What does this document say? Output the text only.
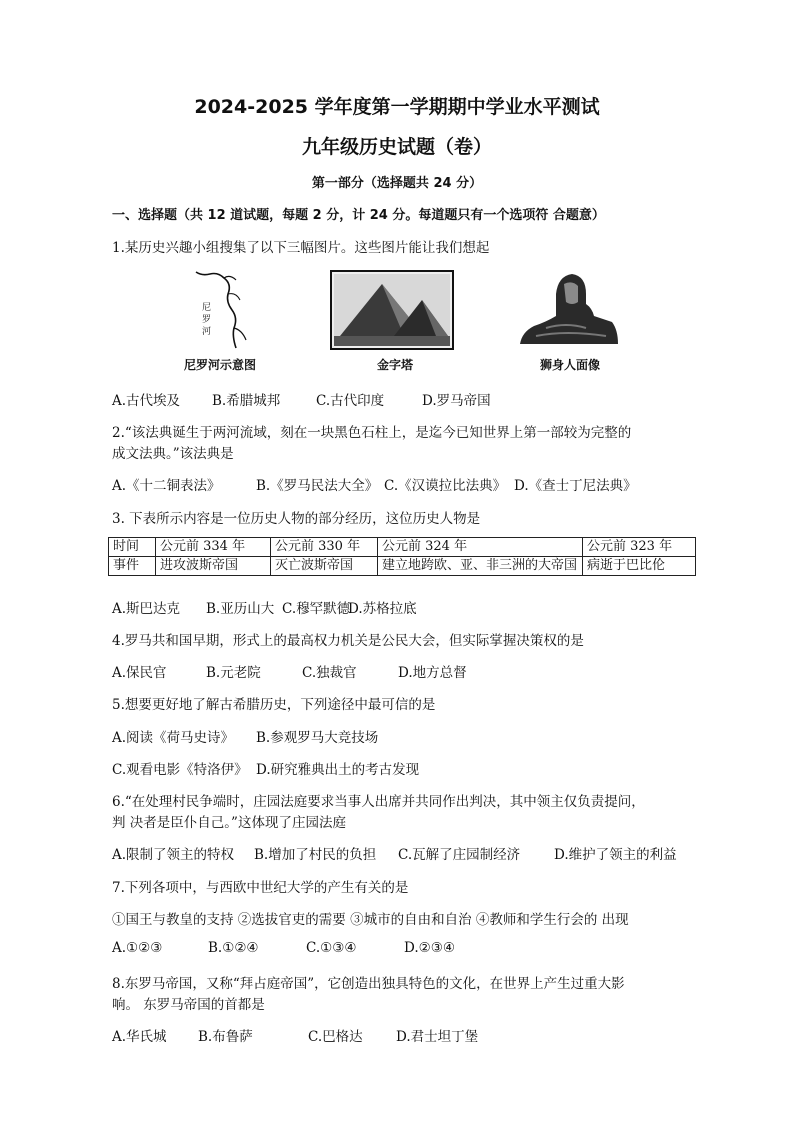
2024-2025 学年度第一学期期中学业水平测试
九年级历史试题（卷）
第一部分（选择题共 24 分）
一、选择题（共 12 道试题，每题 2 分，计 24 分。每道题只有一个选项符 合题意）
1.某历史兴趣小组搜集了以下三幅图片。这些图片能让我们想起
尼
罗
河
尼罗河示意图	金字塔	狮身人面像
A.古代埃及 B.希腊城邦	C.古代印度	D.罗马帝国
2.“该法典诞生于两河流域，刻在一块黑色石柱上，是迄今已知世界上第一部较为完整的
成文法典。”该法典是
A.《十二铜表法》	B.《罗马民法大全》 C.《汉谟拉比法典》 D.《查士丁尼法典》
3. 下表所示内容是一位历史人物的部分经历，这位历史人物是
时间	公元前 334 年	公元前 330 年	公元前 324 年	公元前 323 年
事件	进攻波斯帝国	灭亡波斯帝国	建立地跨欧、亚、非三洲的大帝国	病逝于巴比伦
A.斯巴达克 B.亚历山大 C.穆罕默德D.苏格拉底
4.罗马共和国早期，形式上的最高权力机关是公民大会，但实际掌握决策权的是
A.保民官	B.元老院	C.独裁官	D.地方总督
5.想要更好地了解古希腊历史，下列途径中最可信的是
A.阅读《荷马史诗》 B.参观罗马大竞技场
C.观看电影《特洛伊》 D.研究雅典出土的考古发现
6.“在处理村民争端时，庄园法庭要求当事人出席并共同作出判决，其中领主仅负责提问，
判 决者是臣仆自己。”这体现了庄园法庭
A.限制了领主的特权 B.增加了村民的负担 C.瓦解了庄园制经济	D.维护了领主的利益
7.下列各项中，与西欧中世纪大学的产生有关的是
①国王与教皇的支持 ②选拔官吏的需要 ③城市的自由和自治 ④教师和学生行会的 出现
A.①②③	B.①②④	C.①③④	D.②③④
8.东罗马帝国，又称“拜占庭帝国”，它创造出独具特色的文化，在世界上产生过重大影
响。 东罗马帝国的首都是
A.华氏城 B.布鲁萨	C.巴格达 D.君士坦丁堡
